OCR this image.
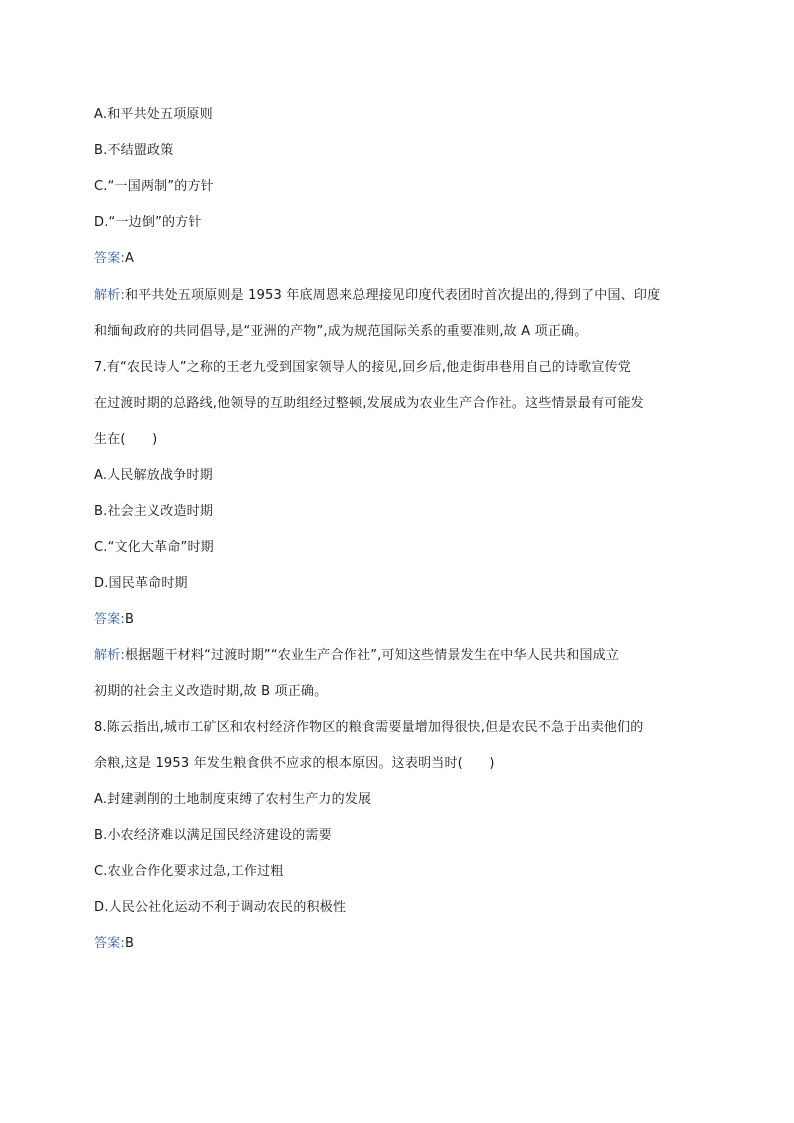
A.和平共处五项原则
B.不结盟政策
C.“一国两制”的方针
D.“一边倒”的方针
答案:A
解析:和平共处五项原则是 1953 年底周恩来总理接见印度代表团时首次提出的,得到了中国、印度
和缅甸政府的共同倡导,是“亚洲的产物”,成为规范国际关系的重要准则,故 A 项正确。
7.有“农民诗人”之称的王老九受到国家领导人的接见,回乡后,他走街串巷用自己的诗歌宣传党
在过渡时期的总路线,他领导的互助组经过整顿,发展成为农业生产合作社。这些情景最有可能发
生在(　　)
A.人民解放战争时期
B.社会主义改造时期
C.“文化大革命”时期
D.国民革命时期
答案:B
解析:根据题干材料“过渡时期”“农业生产合作社”,可知这些情景发生在中华人民共和国成立
初期的社会主义改造时期,故 B 项正确。
8.陈云指出,城市工矿区和农村经济作物区的粮食需要量增加得很快,但是农民不急于出卖他们的
余粮,这是 1953 年发生粮食供不应求的根本原因。这表明当时(　　)
A.封建剥削的土地制度束缚了农村生产力的发展
B.小农经济难以满足国民经济建设的需要
C.农业合作化要求过急,工作过粗
D.人民公社化运动不利于调动农民的积极性
答案:B
